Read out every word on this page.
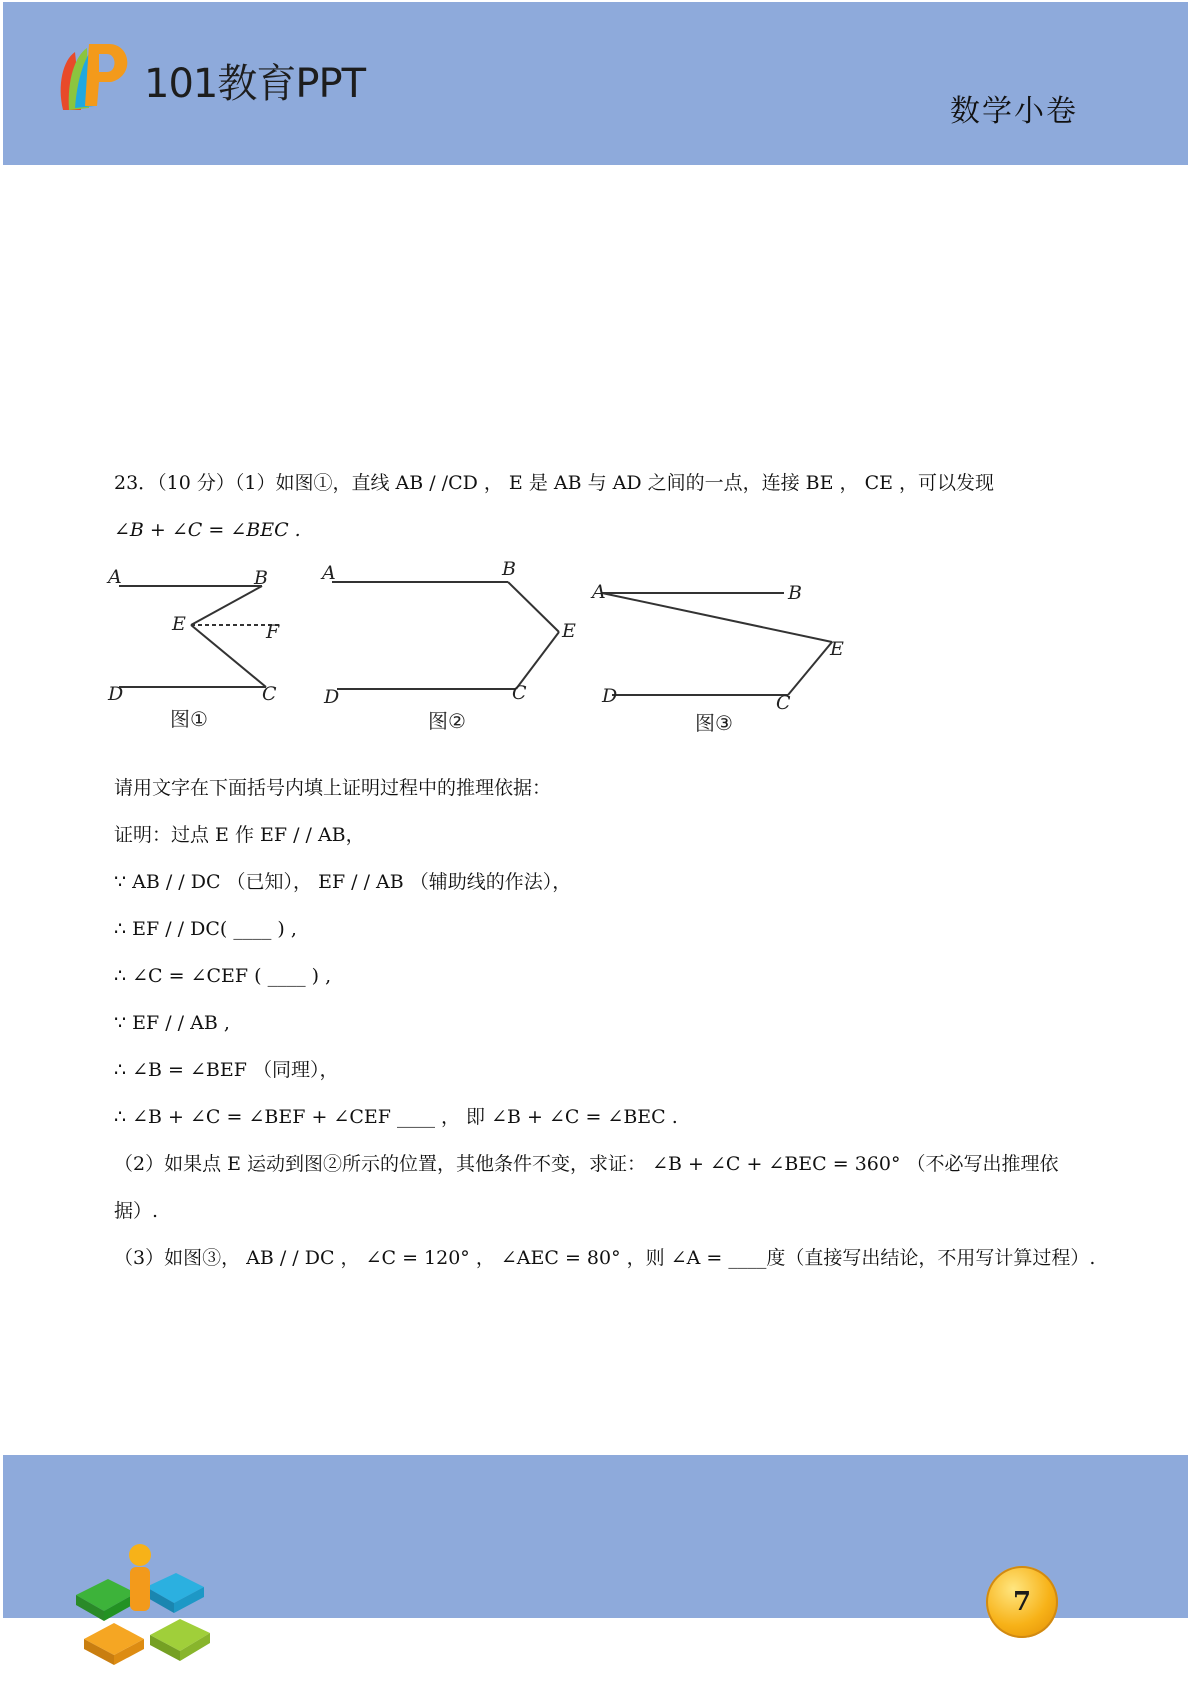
101教育PPT
数学小卷
23．（10 分）（1）如图①，直线 AB / /CD ， E 是 AB 与 AD 之间的一点，连接 BE ， CE ，可以发现
∠B + ∠C = ∠BEC .
A	B
E	F
D	C
图①
A	B
E
D	C
图②
A	B
E
D	C
图③
请用文字在下面括号内填上证明过程中的推理依据：
证明：过点 E 作 EF / / AB，
∵ AB / / DC （已知）， EF / / AB （辅助线的作法），
∴ EF / / DC( ____ ) ,
∴ ∠C = ∠CEF ( ____ ) ,
∵ EF / / AB ,
∴ ∠B = ∠BEF （同理），
∴ ∠B + ∠C = ∠BEF + ∠CEF ____ ， 即 ∠B + ∠C = ∠BEC .
（2）如果点 E 运动到图②所示的位置，其他条件不变，求证： ∠B + ∠C + ∠BEC = 360° （不必写出推理依
据）.
（3）如图③， AB / / DC ， ∠C = 120° ， ∠AEC = 80° ，则 ∠A = ____度（直接写出结论，不用写计算过程）.
7
